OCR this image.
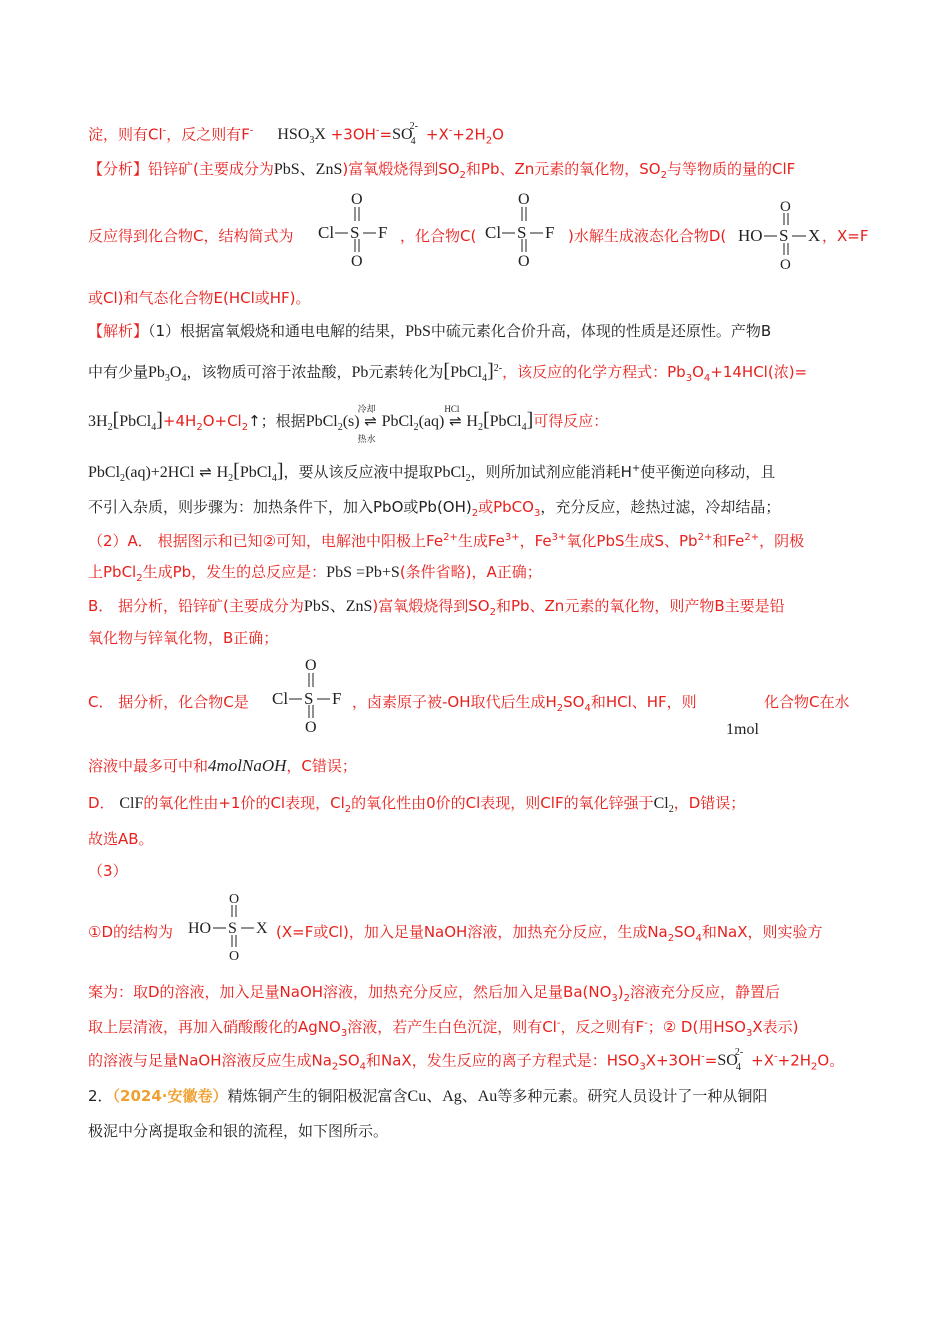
淀，则有Cl-，反之则有F- $HSO_3X +3OH^-=SO_4^{2-} +X^-+2H_2O$
【分析】铅锌矿(主要成分为PbS、ZnS)富氧煅烧得到$SO_2$和Pb、Zn元素的氧化物，$SO_2$与等物质的量的ClF
反应得到化合物C，结构简式为	Cl S F
O
O
，化合物C( Cl S F
O
O
)水解生成液态化合物D( HO S X
O
O
，X=F
或Cl)和气态化合物E(HCl或HF)。
【解析】（1）根据富氧煅烧和通电电解的结果，PbS中硫元素化合价升高，体现的性质是还原性。产物B
中有少量$Pb_3O_4$，该物质可溶于浓盐酸，Pb元素转化为[PbCl$_4$]$^{2-}$，该反应的化学方程式：$Pb_3O_4+14HCl$(浓)=
$3H_2[PbCl_4]+4H_2O+Cl_2↑$；根据PbCl$_2$(s)
冷却
⇌
热水
PbCl$_2$(aq)
HCl
⇌ $H_2[PbCl_4]$可得反应：
PbCl$_2$(aq)+2HCl ⇌ $H_2[PbCl_4]$，要从该反应液中提取PbCl$_2$，则所加试剂应能消耗H+使平衡逆向移动，且
不引入杂质，则步骤为：加热条件下，加入PbO或$Pb(OH)_2$或PbCO$_3$，充分反应，趁热过滤，冷却结晶；
（2）A． 根据图示和已知②可知，电解池中阳极上$Fe^{2+}$生成$Fe^{3+}$，$Fe^{3+}$氧化PbS生成S、$Pb^{2+}$和$Fe^{2+}$，阴极
上PbCl$_2$生成Pb，发生的总反应是：PbS =Pb+S(条件省略)，A正确；
B． 据分析，铅锌矿(主要成分为PbS、ZnS)富氧煅烧得到$SO_2$和Pb、Zn元素的氧化物，则产物B主要是铅
氧化物与锌氧化物，B正确；
C． 据分析，化合物C是	Cl S F
O
O
，卤素原子被-OH取代后生成$H_2SO_4$和HCl、HF，则	化合物C在水
1mol
溶液中最多可中和4molNaOH，C错误；
D． ClF的氧化性由+1价的Cl表现，$Cl_2$的氧化性由0价的Cl表现，则ClF的氧化锌强于$Cl_2$，D错误；
故选AB。
（3）
①D的结构为 HO S X
O
O
(X=F或Cl)，加入足量NaOH溶液，加热充分反应，生成$Na_2SO_4$和NaX，则实验方
案为：取D的溶液，加入足量NaOH溶液，加热充分反应，然后加入足量$Ba(NO_3)_2$溶液充分反应，静置后
取上层清液，再加入硝酸酸化的AgNO$_3$溶液，若产生白色沉淀，则有Cl-，反之则有F-；② D(用$HSO_3X$表示)
的溶液与足量NaOH溶液反应生成$Na_2SO_4$和NaX，发生反应的离子方程式是：$HSO_3X+3OH^-=SO_4^{2-} +X^-+2H_2O$。
2．（2024·安徽卷）精炼铜产生的铜阳极泥富含Cu、Ag、Au等多种元素。研究人员设计了一种从铜阳
极泥中分离提取金和银的流程，如下图所示。
